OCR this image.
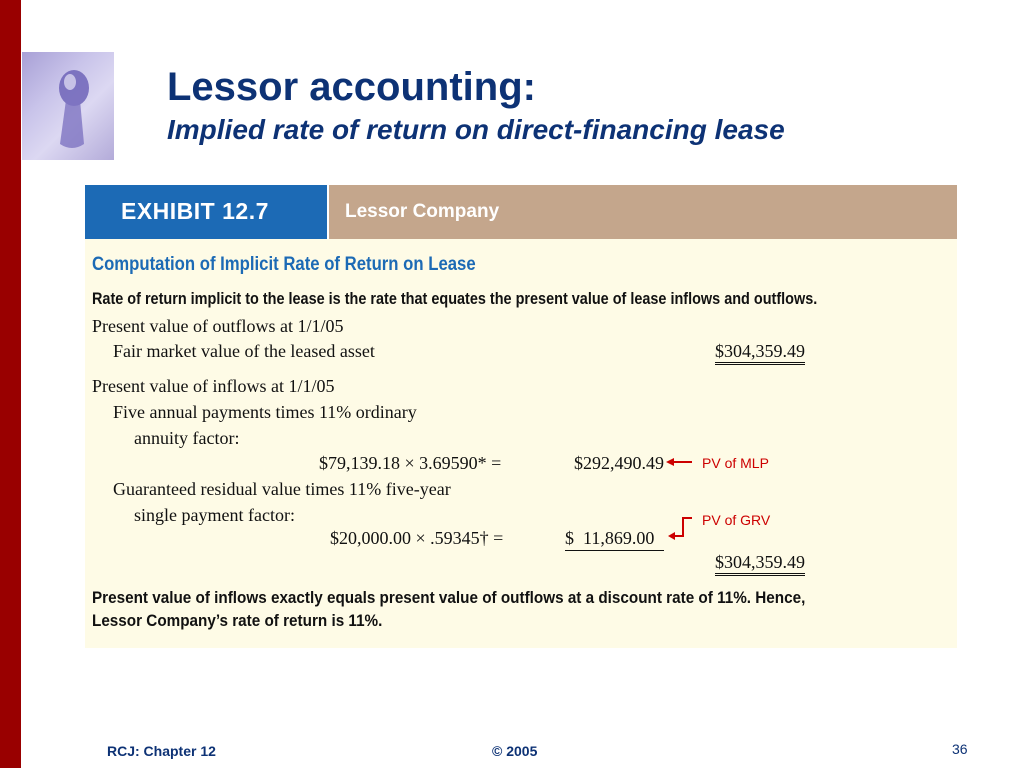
Lessor accounting:
Implied rate of return on direct-financing lease
EXHIBIT 12.7	Lessor Company
Computation of Implicit Rate of Return on Lease
Rate of return implicit to the lease is the rate that equates the present value of lease inflows and outflows.
Present value of outflows at 1/1/05
Fair market value of the leased asset	$304,359.49
Present value of inflows at 1/1/05
Five annual payments times 11% ordinary
annuity factor:
$79,139.18 × 3.69590* =	$292,490.49
Guaranteed residual value times 11% five-year
single payment factor:
$20,000.00 × .59345† =	$  11,869.00
$304,359.49
Present value of inflows exactly equals present value of outflows at a discount rate of 11%. Hence,
Lessor Company’s rate of return is 11%.
PV of MLP
PV of GRV
RCJ: Chapter 12	© 2005	36
